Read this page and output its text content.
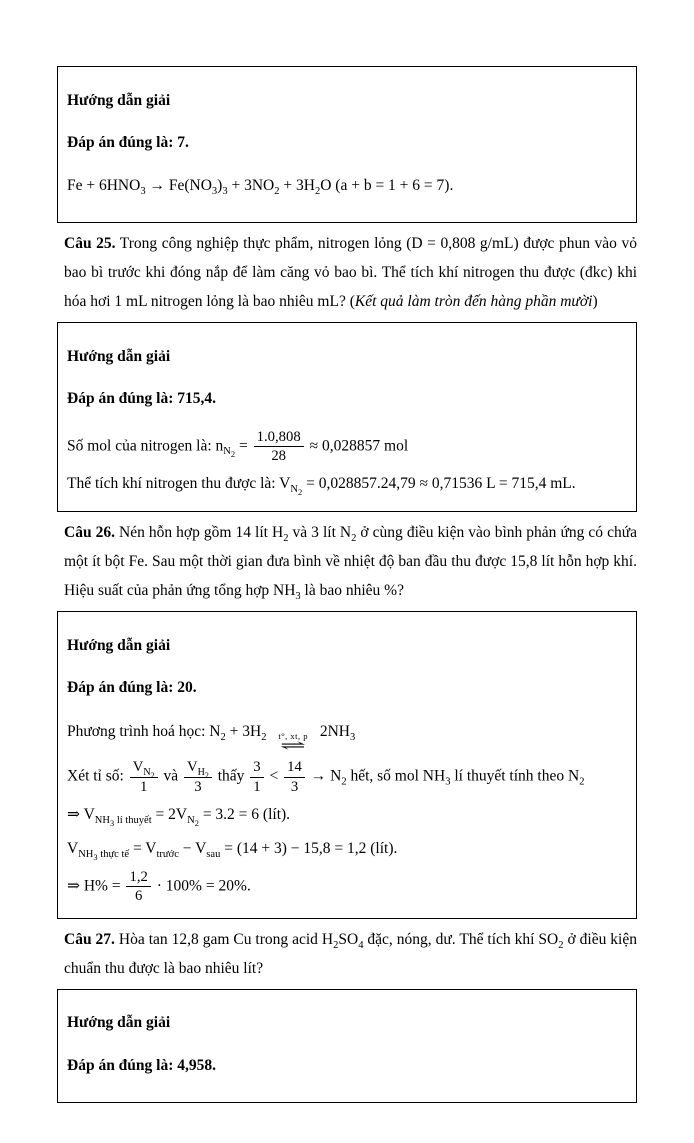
Hướng dẫn giải

Đáp án đúng là: 7.

$Fe + 6HNO_3 \to Fe(NO_3)_3 + 3NO_2 + 3H_2O$ (a + b = 1 + 6 = 7).

Câu 25. Trong công nghiệp thực phẩm, nitrogen lỏng (D = 0,808 g/mL) được phun vào vỏ bao bì trước khi đóng nắp để làm căng vỏ bao bì. Thể tích khí nitrogen thu được (đkc) khi hóa hơi 1 mL nitrogen lỏng là bao nhiêu mL? (Kết quả làm tròn đến hàng phần mười)

Hướng dẫn giải

Đáp án đúng là: 715,4.

Số mol của nitrogen là: $n_{N_2} = \frac{1.0,808}{28} \approx 0,028857$ mol

Thể tích khí nitrogen thu được là: $V_{N_2} = 0,028857.24,79 \approx 0,71536$ L = 715,4 mL.

Câu 26. Nén hỗn hợp gồm 14 lít $H_2$ và 3 lít $N_2$ ở cùng điều kiện vào bình phản ứng có chứa một ít bột Fe. Sau một thời gian đưa bình về nhiệt độ ban đầu thu được 15,8 lít hỗn hợp khí. Hiệu suất của phản ứng tổng hợp $NH_3$ là bao nhiêu %?

Hướng dẫn giải

Đáp án đúng là: 20.

Phương trình hoá học: $N_2 + 3H_2$ t°, xt, p
⇌
$2NH_3$

Xét tỉ số: $\frac{V_{N_2}}{1}$ và $\frac{V_{H_2}}{3}$ thấy $\frac{3}{1} < \frac{14}{3} \to N_2$ hết, số mol $NH_3$ lí thuyết tính theo $N_2$

⇒ $V_{NH_3 lí thuyết} = 2V_{N_2} = 3.2 = 6$ (lít).

$V_{NH_3 thực tế} = V_{trước} - V_{sau} = (14 + 3) - 15,8 = 1,2$ (lít).

⇒ $H\% = \frac{1,2}{6} \cdot 100\% = 20\%$.

Câu 27. Hòa tan 12,8 gam Cu trong acid $H_2SO_4$ đặc, nóng, dư. Thể tích khí $SO_2$ ở điều kiện chuẩn thu được là bao nhiêu lít?

Hướng dẫn giải

Đáp án đúng là: 4,958.
